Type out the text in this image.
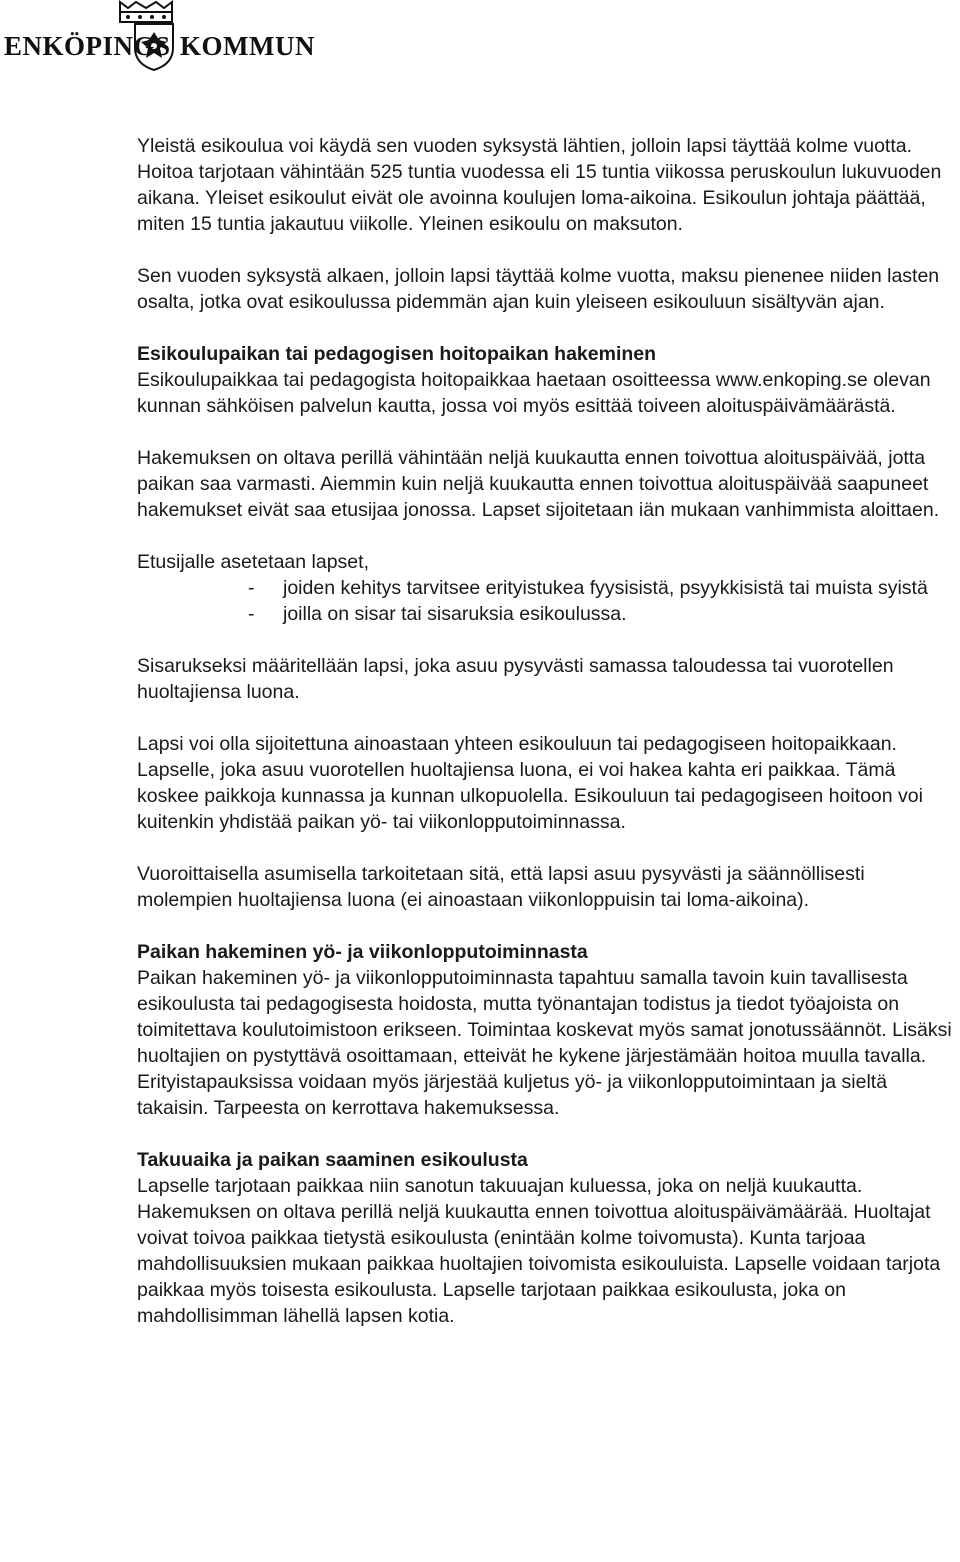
ENKÖPINGS KOMMUN

Yleistä esikoulua voi käydä sen vuoden syksystä lähtien, jolloin lapsi täyttää kolme vuotta. Hoitoa tarjotaan vähintään 525 tuntia vuodessa eli 15 tuntia viikossa peruskoulun lukuvuoden aikana. Yleiset esikoulut eivät ole avoinna koulujen loma-aikoina. Esikoulun johtaja päättää, miten 15 tuntia jakautuu viikolle. Yleinen esikoulu on maksuton.

Sen vuoden syksystä alkaen, jolloin lapsi täyttää kolme vuotta, maksu pienenee niiden lasten osalta, jotka ovat esikoulussa pidemmän ajan kuin yleiseen esikouluun sisältyvän ajan.

Esikoulupaikan tai pedagogisen hoitopaikan hakeminen

Esikoulupaikkaa tai pedagogista hoitopaikkaa haetaan osoitteessa www.enkoping.se olevan kunnan sähköisen palvelun kautta, jossa voi myös esittää toiveen aloituspäivämäärästä.

Hakemuksen on oltava perillä vähintään neljä kuukautta ennen toivottua aloituspäivää, jotta paikan saa varmasti. Aiemmin kuin neljä kuukautta ennen toivottua aloituspäivää saapuneet hakemukset eivät saa etusijaa jonossa. Lapset sijoitetaan iän mukaan vanhimmista aloittaen.

Etusijalle asetetaan lapset,

- joiden kehitys tarvitsee erityistukea fyysisistä, psyykkisistä tai muista syistä
- joilla on sisar tai sisaruksia esikoulussa.

Sisarukseksi määritellään lapsi, joka asuu pysyvästi samassa taloudessa tai vuorotellen huoltajiensa luona.

Lapsi voi olla sijoitettuna ainoastaan yhteen esikouluun tai pedagogiseen hoitopaikkaan. Lapselle, joka asuu vuorotellen huoltajiensa luona, ei voi hakea kahta eri paikkaa. Tämä koskee paikkoja kunnassa ja kunnan ulkopuolella. Esikouluun tai pedagogiseen hoitoon voi kuitenkin yhdistää paikan yö- tai viikonlopputoiminnassa.

Vuoroittaisella asumisella tarkoitetaan sitä, että lapsi asuu pysyvästi ja säännöllisesti molempien huoltajiensa luona (ei ainoastaan viikonloppuisin tai loma-aikoina).

Paikan hakeminen yö- ja viikonlopputoiminnasta

Paikan hakeminen yö- ja viikonlopputoiminnasta tapahtuu samalla tavoin kuin tavallisesta esikoulusta tai pedagogisesta hoidosta, mutta työnantajan todistus ja tiedot työajoista on toimitettava koulutoimistoon erikseen. Toimintaa koskevat myös samat jonotussäännöt. Lisäksi huoltajien on pystyttävä osoittamaan, etteivät he kykene järjestämään hoitoa muulla tavalla. Erityistapauksissa voidaan myös järjestää kuljetus yö- ja viikonlopputoimintaan ja sieltä takaisin. Tarpeesta on kerrottava hakemuksessa.

Takuuaika ja paikan saaminen esikoulusta

Lapselle tarjotaan paikkaa niin sanotun takuuajan kuluessa, joka on neljä kuukautta. Hakemuksen on oltava perillä neljä kuukautta ennen toivottua aloituspäivämäärää. Huoltajat voivat toivoa paikkaa tietystä esikoulusta (enintään kolme toivomusta). Kunta tarjoaa mahdollisuuksien mukaan paikkaa huoltajien toivomista esikouluista. Lapselle voidaan tarjota paikkaa myös toisesta esikoulusta. Lapselle tarjotaan paikkaa esikoulusta, joka on mahdollisimman lähellä lapsen kotia.
